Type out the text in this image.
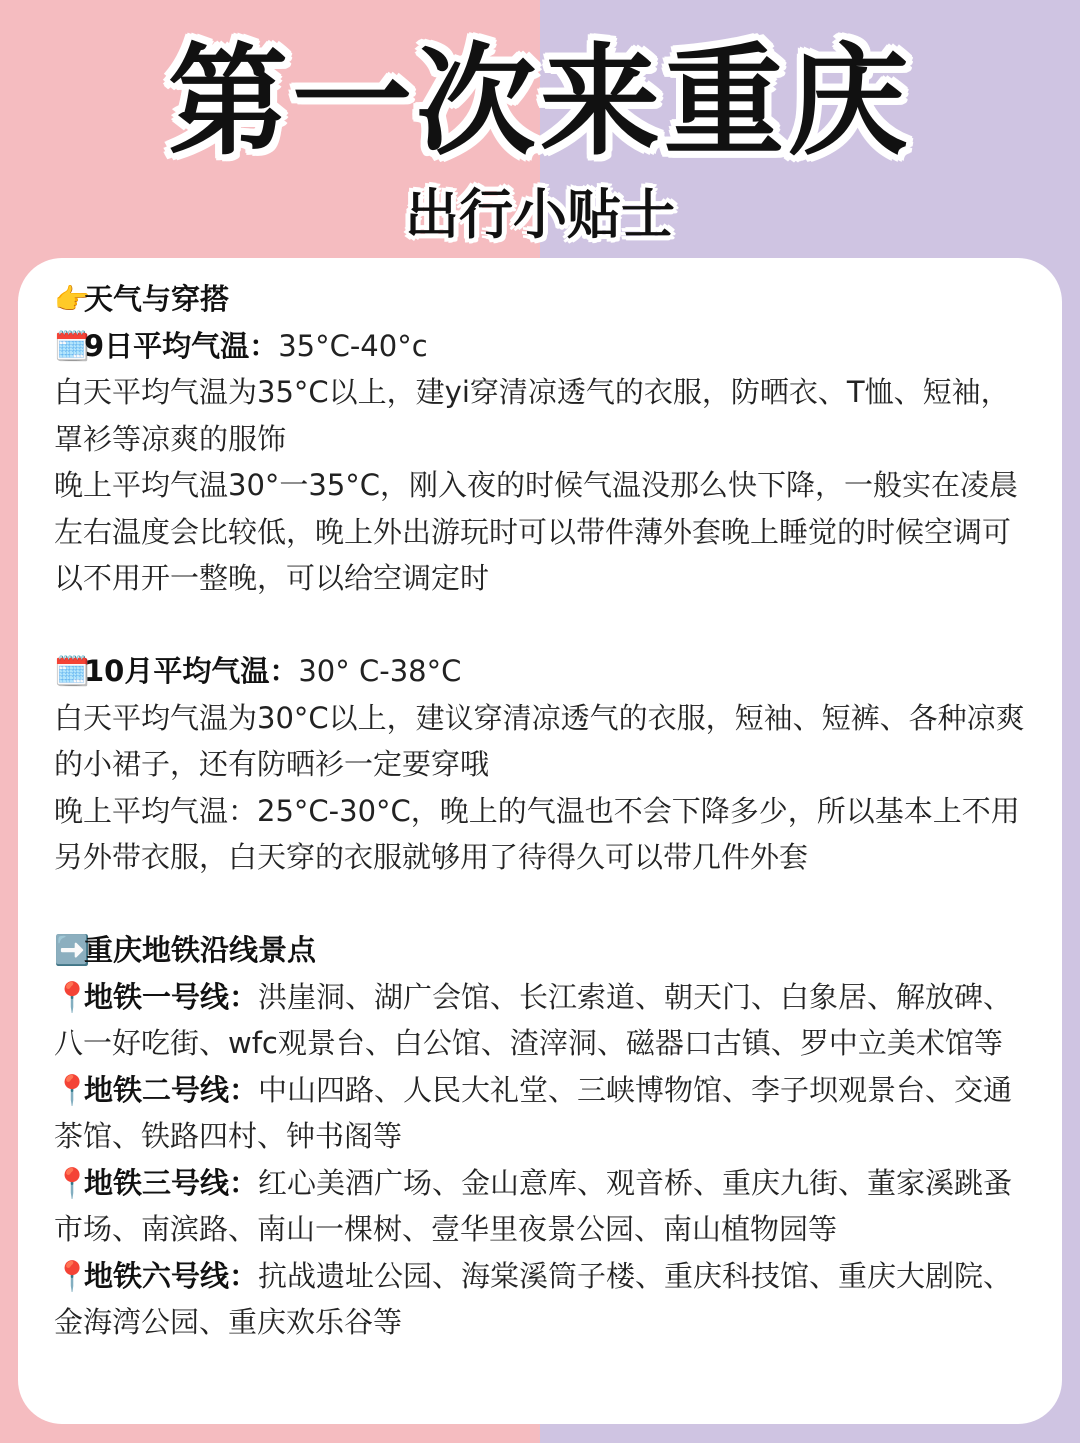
第一次来重庆
出行小贴士

👉天气与穿搭

🗓️9日平均气温：35°C-40°c

白天平均气温为35°C以上，建yi穿清凉透气的衣服，防晒衣、T恤、短袖，罩衫等凉爽的服饰

晚上平均气温30°一35°C，刚入夜的时候气温没那么快下降，一般实在凌晨左右温度会比较低，晚上外出游玩时可以带件薄外套晚上睡觉的时候空调可以不用开一整晚，可以给空调定时

🗓️10月平均气温：30° C-38°C

白天平均气温为30°C以上，建议穿清凉透气的衣服，短袖、短裤、各种凉爽的小裙子，还有防晒衫一定要穿哦

晚上平均气温：25°C-30°C，晚上的气温也不会下降多少，所以基本上不用另外带衣服，白天穿的衣服就够用了待得久可以带几件外套

➡️重庆地铁沿线景点

📍地铁一号线：洪崖洞、湖广会馆、长江索道、朝天门、白象居、解放碑、八一好吃街、wfc观景台、白公馆、渣滓洞、磁器口古镇、罗中立美术馆等

📍地铁二号线：中山四路、人民大礼堂、三峡博物馆、李子坝观景台、交通茶馆、铁路四村、钟书阁等

📍地铁三号线：红心美酒广场、金山意库、观音桥、重庆九街、董家溪跳蚤市场、南滨路、南山一棵树、壹华里夜景公园、南山植物园等

📍地铁六号线：抗战遗址公园、海棠溪筒子楼、重庆科技馆、重庆大剧院、金海湾公园、重庆欢乐谷等
